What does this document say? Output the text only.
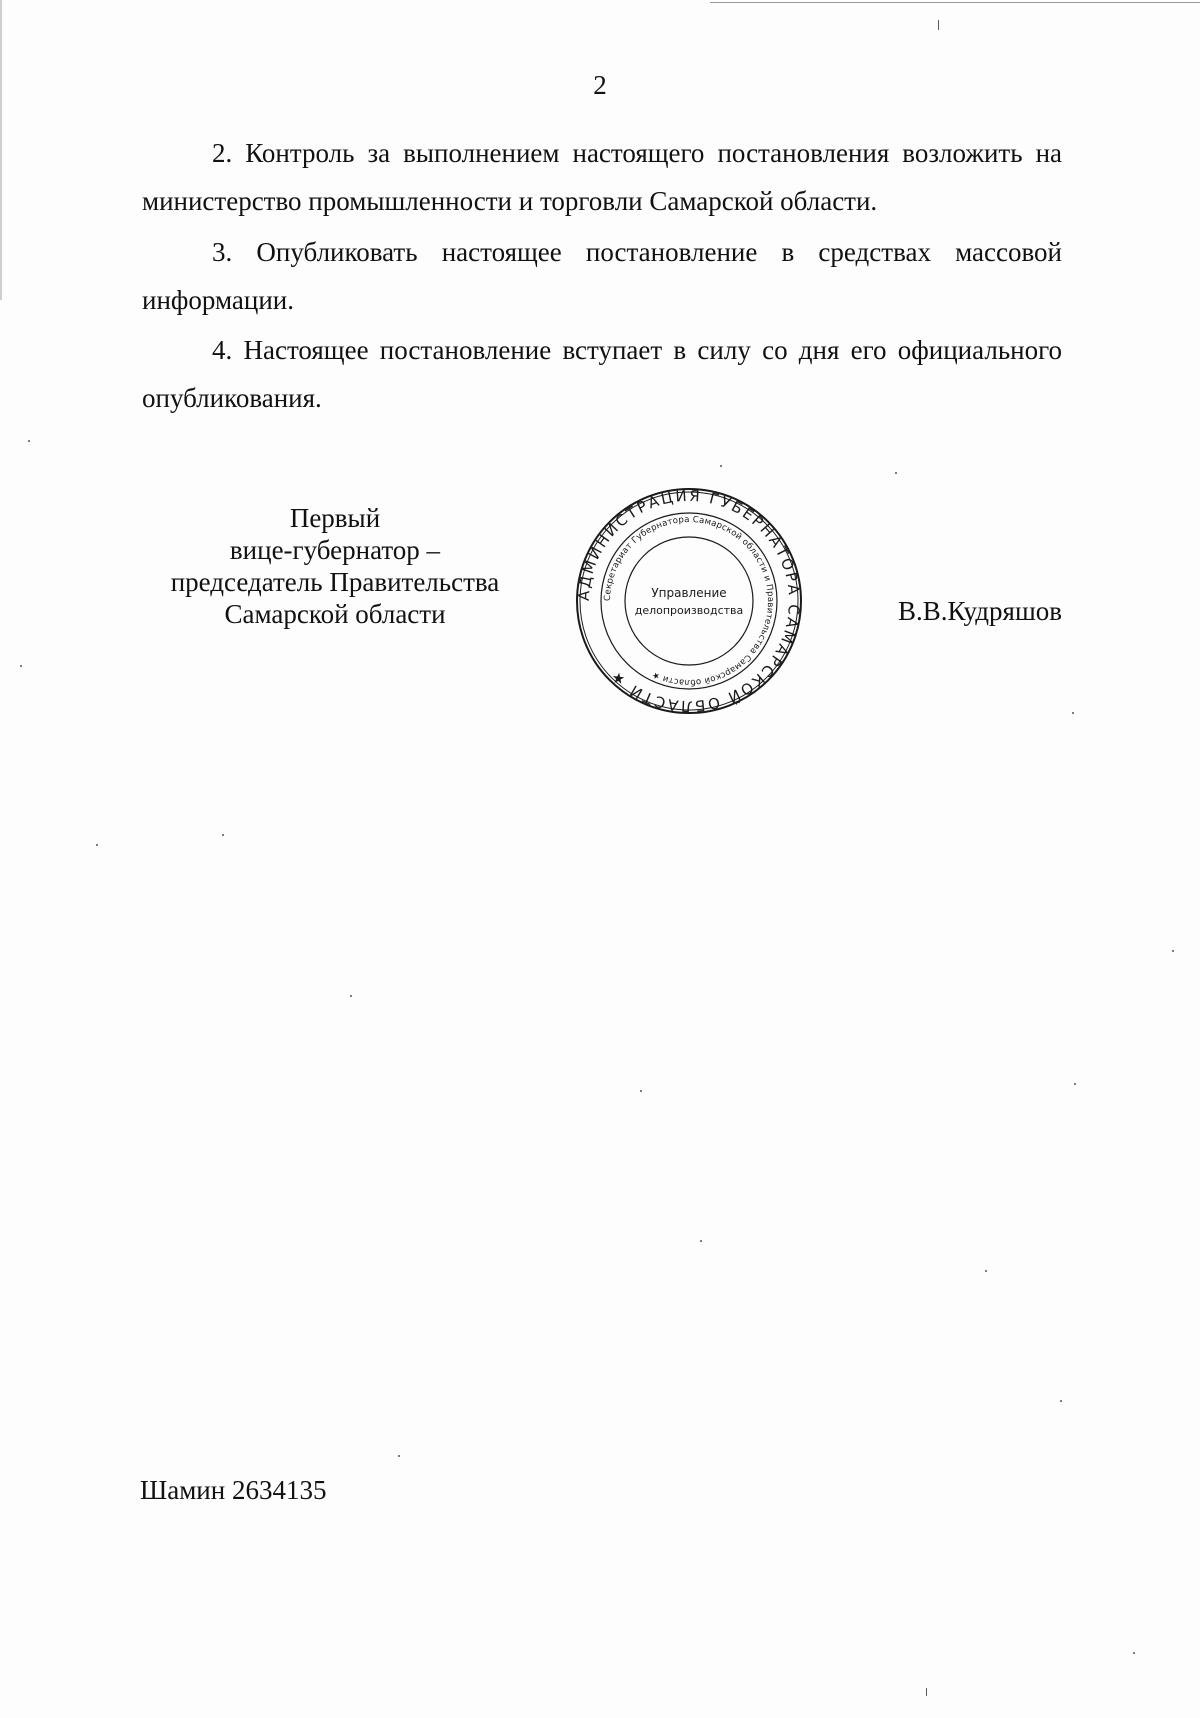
2

2. Контроль за выполнением настоящего постановления возложить на министерство промышленности и торговли Самарской области.

3. Опубликовать настоящее постановление в средствах массовой информации.

4. Настоящее постановление вступает в силу со дня его официального опубликования.

Первый
вице-губернатор –
председатель Правительства
Самарской области
АДМИНИСТРАЦИЯ ГУБЕРНАТОРА САМАРСКОЙ ОБЛАСТИ ★
Секретариат Губернатора Самарской области и Правительства Самарской области ★
Управление
делопроизводства	В.В.Кудряшов
Шамин 2634135
